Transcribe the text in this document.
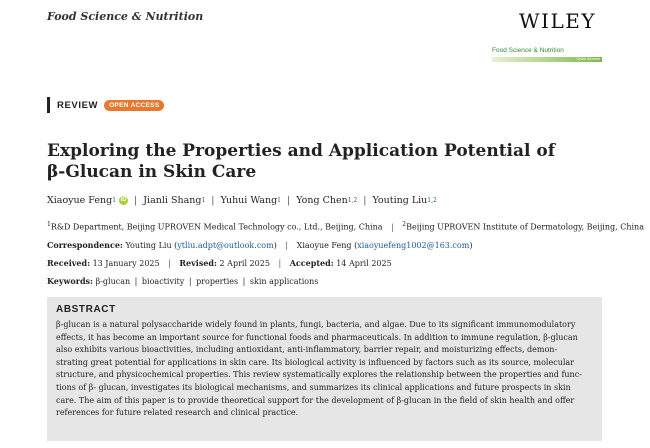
Food Science & Nutrition	WILEY
Food Science & Nutrition
Open Access
REVIEW	OPEN ACCESS
Exploring the Properties and Application Potential of
β-Glucan in Skin Care
Xiaoyue Feng 1 iD | Jianli Shang 1 | Yuhui Wang 1 | Yong Chen 1,2 | Youting Liu 1,2
$^1$R&D Department, Beijing UPROVEN Medical Technology co., Ltd., Beijing, China | $^2$Beijing UPROVEN Institute of Dermatology, Beijing, China
Correspondence: Youting Liu (ytliu.adpt@outlook.com) | Xiaoyue Feng (xiaoyuefeng1002@163.com)
Received: 13 January 2025 | Revised: 2 April 2025 | Accepted: 14 April 2025
Keywords: β-glucan | bioactivity | properties | skin applications
ABSTRACT
β-glucan is a natural polysaccharide widely found in plants, fungi, bacteria, and algae. Due to its significant immunomodulatory
effects, it has become an important source for functional foods and pharmaceuticals. In addition to immune regulation, β-glucan
also exhibits various bioactivities, including antioxidant, anti-inflammatory, barrier repair, and moisturizing effects, demon-
strating great potential for applications in skin care. Its biological activity is influenced by factors such as its source, molecular
structure, and physicochemical properties. This review systematically explores the relationship between the properties and func-
tions of β- glucan, investigates its biological mechanisms, and summarizes its clinical applications and future prospects in skin
care. The aim of this paper is to provide theoretical support for the development of β-glucan in the field of skin health and offer
references for future related research and clinical practice.
